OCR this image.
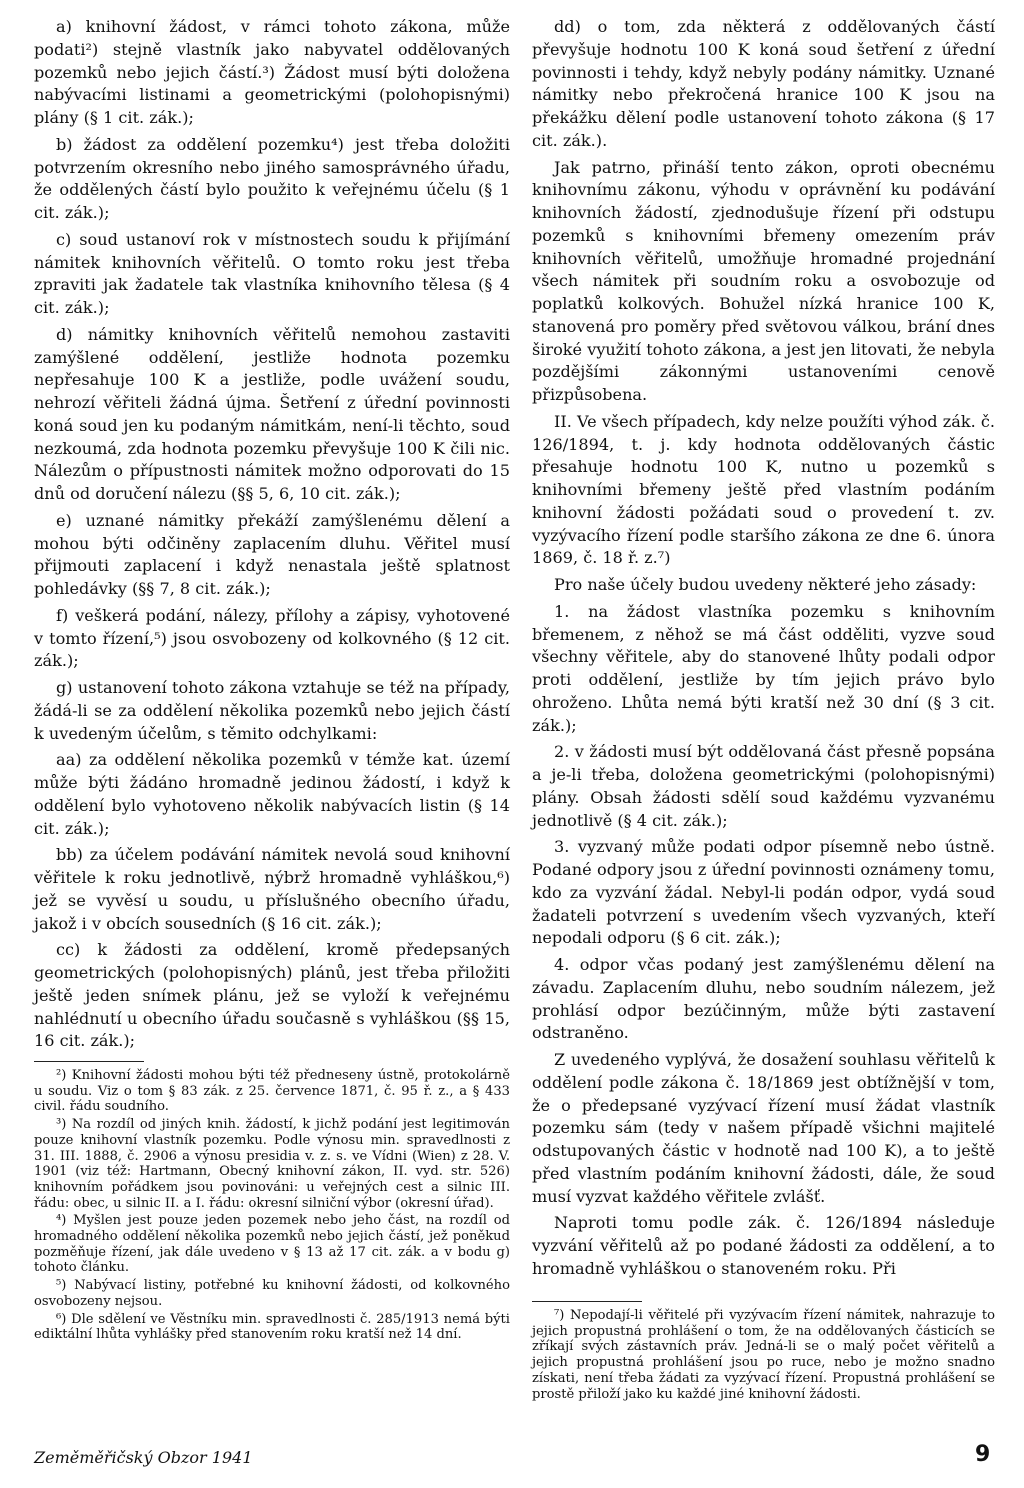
a) knihovní žádost, v rámci tohoto zákona, může podati²) stejně vlastník jako nabyvatel oddělovaných pozemků nebo jejich částí.³) Žádost musí býti doložena nabývacími listinami a geometrickými (polohopisnými) plány (§ 1 cit. zák.);

b) žádost za oddělení pozemku⁴) jest třeba doložiti potvrzením okresního nebo jiného samosprávného úřadu, že oddělených částí bylo použito k veřejnému účelu (§ 1 cit. zák.);

c) soud ustanoví rok v místnostech soudu k přijímání námitek knihovních věřitelů. O tomto roku jest třeba zpraviti jak žadatele tak vlastníka knihovního tělesa (§ 4 cit. zák.);

d) námitky knihovních věřitelů nemohou zastaviti zamýšlené oddělení, jestliže hodnota pozemku nepřesahuje 100 K a jestliže, podle uvážení soudu, nehrozí věřiteli žádná újma. Šetření z úřední povinnosti koná soud jen ku podaným námitkám, není-li těchto, soud nezkoumá, zda hodnota pozemku převyšuje 100 K čili nic. Nálezům o přípustnosti námitek možno odporovati do 15 dnů od doručení nálezu (§§ 5, 6, 10 cit. zák.);

e) uznané námitky překáží zamýšlenému dělení a mohou býti odčiněny zaplacením dluhu. Věřitel musí přijmouti zaplacení i když nenastala ještě splatnost pohledávky (§§ 7, 8 cit. zák.);

f) veškerá podání, nálezy, přílohy a zápisy, vyhotovené v tomto řízení,⁵) jsou osvobozeny od kolkovného (§ 12 cit. zák.);

g) ustanovení tohoto zákona vztahuje se též na případy, žádá-li se za oddělení několika pozemků nebo jejich částí k uvedeným účelům, s těmito odchylkami:

aa) za oddělení několika pozemků v témže kat. území může býti žádáno hromadně jedinou žádostí, i když k oddělení bylo vyhotoveno několik nabývacích listin (§ 14 cit. zák.);

bb) za účelem podávání námitek nevolá soud knihovní věřitele k roku jednotlivě, nýbrž hromadně vyhláškou,⁶) jež se vyvěsí u soudu, u příslušného obecního úřadu, jakož i v obcích sousedních (§ 16 cit. zák.);

cc) k žádosti za oddělení, kromě předepsaných geometrických (polohopisných) plánů, jest třeba přiložiti ještě jeden snímek plánu, jež se vyloží k veřejnému nahlédnutí u obecního úřadu současně s vyhláškou (§§ 15, 16 cit. zák.);

²) Knihovní žádosti mohou býti též předneseny ústně, protokolárně u soudu. Viz o tom § 83 zák. z 25. července 1871, č. 95 ř. z., a § 433 civil. řádu soudního.

³) Na rozdíl od jiných knih. žádostí, k jichž podání jest legitimován pouze knihovní vlastník pozemku. Podle výnosu min. spravedlnosti z 31. III. 1888, č. 2906 a výnosu presidia v. z. s. ve Vídni (Wien) z 28. V. 1901 (viz též: Hartmann, Obecný knihovní zákon, II. vyd. str. 526) knihovním pořádkem jsou povinováni: u veřejných cest a silnic III. řádu: obec, u silnic II. a I. řádu: okresní silniční výbor (okresní úřad).

⁴) Myšlen jest pouze jeden pozemek nebo jeho část, na rozdíl od hromadného oddělení několika pozemků nebo jejich částí, jež poněkud pozměňuje řízení, jak dále uvedeno v § 13 až 17 cit. zák. a v bodu g) tohoto článku.

⁵) Nabývací listiny, potřebné ku knihovní žádosti, od kolkovného osvobozeny nejsou.

⁶) Dle sdělení ve Věstníku min. spravedlnosti č. 285/1913 nemá býti ediktální lhůta vyhlášky před stanovením roku kratší než 14 dní.

dd) o tom, zda některá z oddělovaných částí převyšuje hodnotu 100 K koná soud šetření z úřední povinnosti i tehdy, když nebyly podány námitky. Uznané námitky nebo překročená hranice 100 K jsou na překážku dělení podle ustanovení tohoto zákona (§ 17 cit. zák.).

Jak patrno, přináší tento zákon, oproti obecnému knihovnímu zákonu, výhodu v oprávnění ku podávání knihovních žádostí, zjednodušuje řízení při odstupu pozemků s knihovními břemeny omezením práv knihovních věřitelů, umožňuje hromadné projednání všech námitek při soudním roku a osvobozuje od poplatků kolkových. Bohužel nízká hranice 100 K, stanovená pro poměry před světovou válkou, brání dnes široké využití tohoto zákona, a jest jen litovati, že nebyla pozdějšími zákonnými ustanoveními cenově přizpůsobena.

II. Ve všech případech, kdy nelze použíti výhod zák. č. 126/1894, t. j. kdy hodnota oddělovaných částic přesahuje hodnotu 100 K, nutno u pozemků s knihovními břemeny ještě před vlastním podáním knihovní žádosti požádati soud o provedení t. zv. vyzývacího řízení podle staršího zákona ze dne 6. února 1869, č. 18 ř. z.⁷)

Pro naše účely budou uvedeny některé jeho zásady:

1. na žádost vlastníka pozemku s knihovním břemenem, z něhož se má část odděliti, vyzve soud všechny věřitele, aby do stanovené lhůty podali odpor proti oddělení, jestliže by tím jejich právo bylo ohroženo. Lhůta nemá býti kratší než 30 dní (§ 3 cit. zák.);

2. v žádosti musí být oddělovaná část přesně popsána a je-li třeba, doložena geometrickými (polohopisnými) plány. Obsah žádosti sdělí soud každému vyzvanému jednotlivě (§ 4 cit. zák.);

3. vyzvaný může podati odpor písemně nebo ústně. Podané odpory jsou z úřední povinnosti oznámeny tomu, kdo za vyzvání žádal. Nebyl-li podán odpor, vydá soud žadateli potvrzení s uvedením všech vyzvaných, kteří nepodali odporu (§ 6 cit. zák.);

4. odpor včas podaný jest zamýšlenému dělení na závadu. Zaplacením dluhu, nebo soudním nálezem, jež prohlásí odpor bezúčinným, může býti zastavení odstraněno.

Z uvedeného vyplývá, že dosažení souhlasu věřitelů k oddělení podle zákona č. 18/1869 jest obtížnější v tom, že o předepsané vyzývací řízení musí žádat vlastník pozemku sám (tedy v našem případě všichni majitelé odstupovaných částic v hodnotě nad 100 K), a to ještě před vlastním podáním knihovní žádosti, dále, že soud musí vyzvat každého věřitele zvlášť.

Naproti tomu podle zák. č. 126/1894 následuje vyzvání věřitelů až po podané žádosti za oddělení, a to hromadně vyhláškou o stanoveném roku. Při

⁷) Nepodají-li věřitelé při vyzývacím řízení námitek, nahrazuje to jejich propustná prohlášení o tom, že na oddělovaných částicích se zříkají svých zástavních práv. Jedná-li se o malý počet věřitelů a jejich propustná prohlášení jsou po ruce, nebo je možno snadno získati, není třeba žádati za vyzývací řízení. Propustná prohlášení se prostě přiloží jako ku každé jiné knihovní žádosti.

Zeměměřičský Obzor 1941	9
